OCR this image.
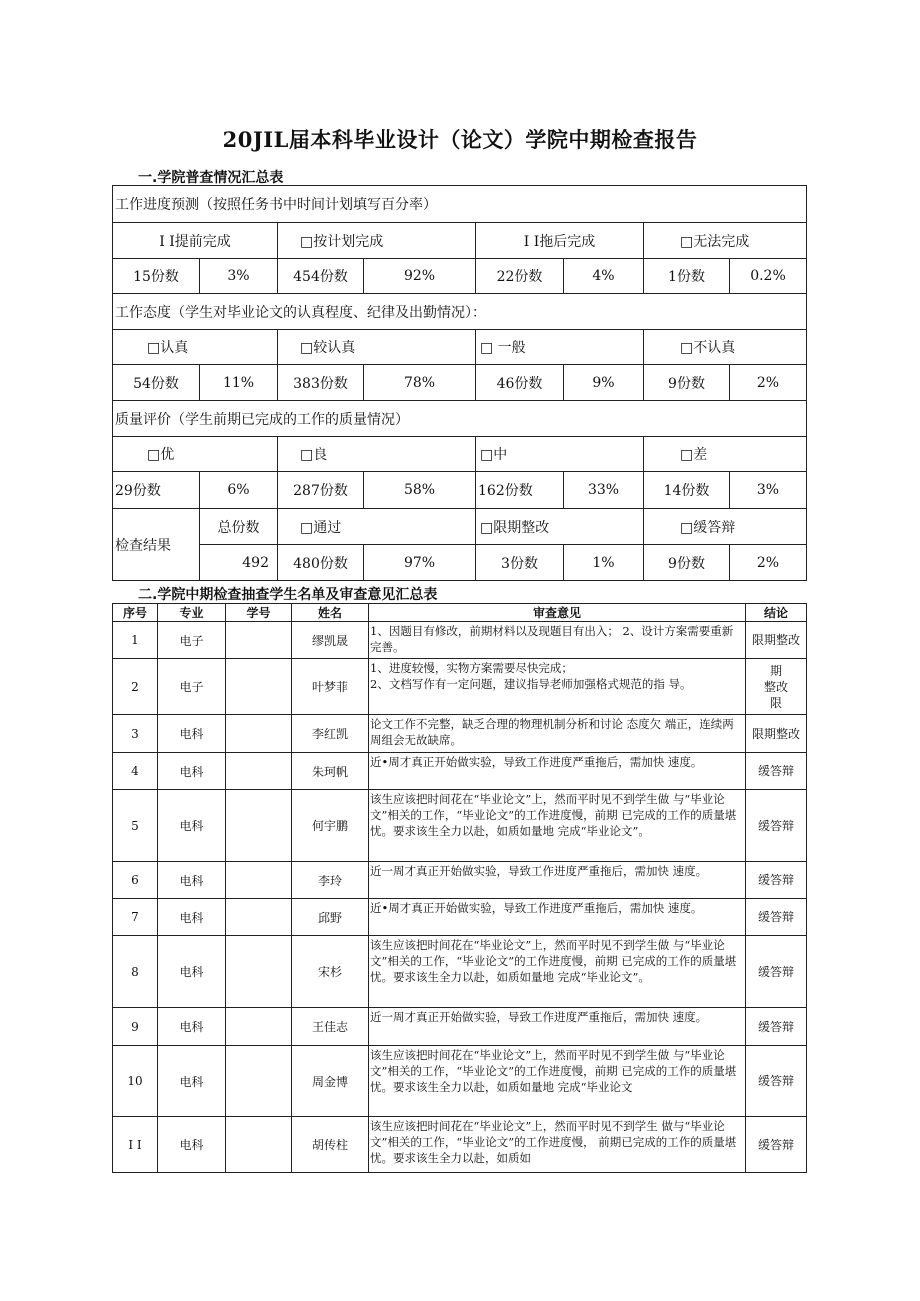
20JIL届本科毕业设计（论文）学院中期检查报告
一.学院普查情况汇总表
工作进度预测（按照任务书中时间计划填写百分率）							
I I提前完成		□按计划完成		I I拖后完成		□无法完成	
15份数	3%	454份数	92%	22份数	4%	1份数	0.2%
工作态度（学生对毕业论文的认真程度、纪律及出勤情况）：							
□认真		□较认真		□ 一般		□不认真	
54份数	11%	383份数	78%	46份数	9%	9份数	2%
质量评价（学生前期已完成的工作的质量情况）							
□优		□良		□中		□差	
29份数	6%	287份数	58%	162份数	33%	14份数	3%
检查结果	总份数	□通过		□限期整改		□缓答辩	
	492	480份数	97%	3份数	1%	9份数	2%
二.学院中期检查抽查学生名单及审查意见汇总表
序号	专业	学号	姓名	审查意见	结论
1	电子		缪凯晟	1、因题目有修改，前期材料以及现题目有出入； 2、设计方案需要重新完善。	限期整改
2	电子		叶梦菲	1、进度较慢，实物方案需要尽快完成；
2、文档写作有一定问题，建议指导老师加强格式规范的指 导。	期
整改
限
3	电科		李红凯	论文工作不完整，缺乏合理的物理机制分析和讨论 态度欠 端正，连续两周组会无故缺席。	限期整改
4	电科		朱珂帆	近•周才真正开始做实验，导致工作进度严重拖后，需加快 速度。	缓答辩
5	电科		何宇鹏	该生应该把时间花在“毕业论文”上，然而平时见不到学生做 与“毕业论文”相关的工作，“毕业论文”的工作进度慢，前期 已完成的工作的质量堪忧。要求该生全力以赴，如质如量地 完成“毕业论文”。	缓答辩
6	电科		李玲	近一周才真正开始做实验，导致工作进度严重拖后，需加快 速度。	缓答辩
7	电科		邱野	近•周才真正开始做实验，导致工作进度严重拖后，需加快 速度。	缓答辩
8	电科		宋杉	该生应该把时间花在“毕业论文”上，然而平时见不到学生做 与“毕业论文”相关的工作，“毕业论文”的工作进度慢，前期 已完成的工作的质量堪忧。要求该生全力以赴，如质如量地 完成“毕业论文”。	缓答辩
9	电科		王佳志	近一周才真正开始做实验，导致工作进度严重拖后，需加快 速度。	缓答辩
10	电科		周金博	该生应该把时间花在“毕业论文”上，然而平时见不到学生做 与“毕业论文”相关的工作，“毕业论文”的工作进度慢，前期 已完成的工作的质量堪忧。要求该生全力以赴，如质如量地 完成“毕业论文	缓答辩
I I	电科		胡传柱	该生应该把时间花在“毕业论文”上，然而平时见不到学生 做与“毕业论文”相关的工作，“毕业论文”的工作进度慢， 前期已完成的工作的质量堪忧。要求该生全力以赴，如质如	缓答辩
